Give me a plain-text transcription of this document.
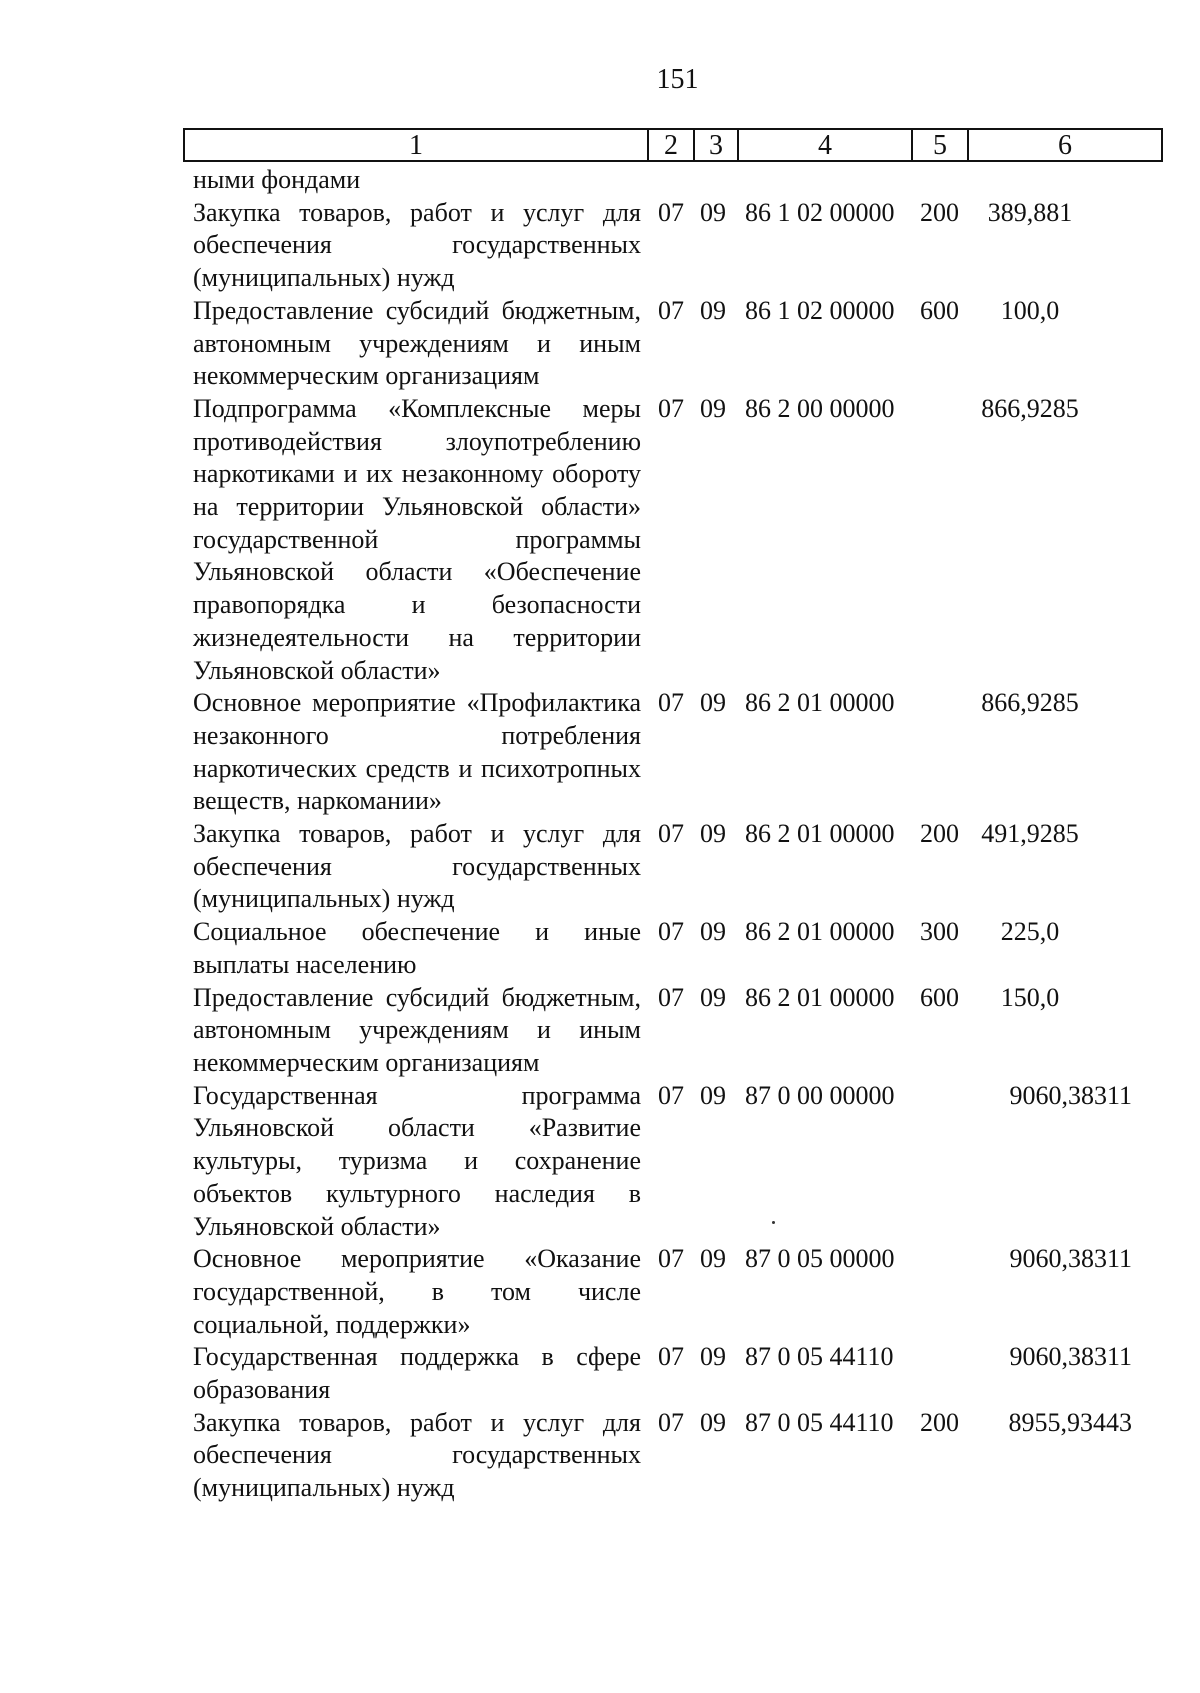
151
1	2	3	4	5	6
ными фондами
Закупка товаров, работ и услуг для обеспечения государственных (муниципальных) нужд
07 09 86 1 02 00000 200	389,881
Предоставление субсидий бюджетным, автономным учреждениям и иным некоммерческим организациям
07 09 86 1 02 00000 600	100,0
Подпрограмма «Комплексные меры противодействия злоупотреблению наркотиками и их незаконному обороту на территории Ульяновской области» государственной программы Ульяновской области «Обеспечение правопорядка и безопасности жизнедеятельности на территории Ульяновской области»
07 09 86 2 00 00000	866,9285
Основное мероприятие «Профилактика незаконного потребления наркотических средств и психотропных веществ, наркомании»
07 09 86 2 01 00000	866,9285
Закупка товаров, работ и услуг для обеспечения государственных (муниципальных) нужд
07 09 86 2 01 00000 200 491,9285
Социальное обеспечение и иные выплаты населению
07 09 86 2 01 00000 300	225,0
Предоставление субсидий бюджетным, автономным учреждениям и иным некоммерческим организациям
07 09 86 2 01 00000 600	150,0
Государственная программа Ульяновской области «Развитие культуры, туризма и сохранение объектов культурного наследия в Ульяновской области»
07 09 87 0 00 00000	9060,38311
Основное мероприятие «Оказание государственной, в том числе социальной, поддержки»
07 09 87 0 05 00000	9060,38311
Государственная поддержка в сфере образования
07 09 87 0 05 44110	9060,38311
Закупка товаров, работ и услуг для обеспечения государственных (муниципальных) нужд
07 09 87 0 05 44110 200	8955,93443
